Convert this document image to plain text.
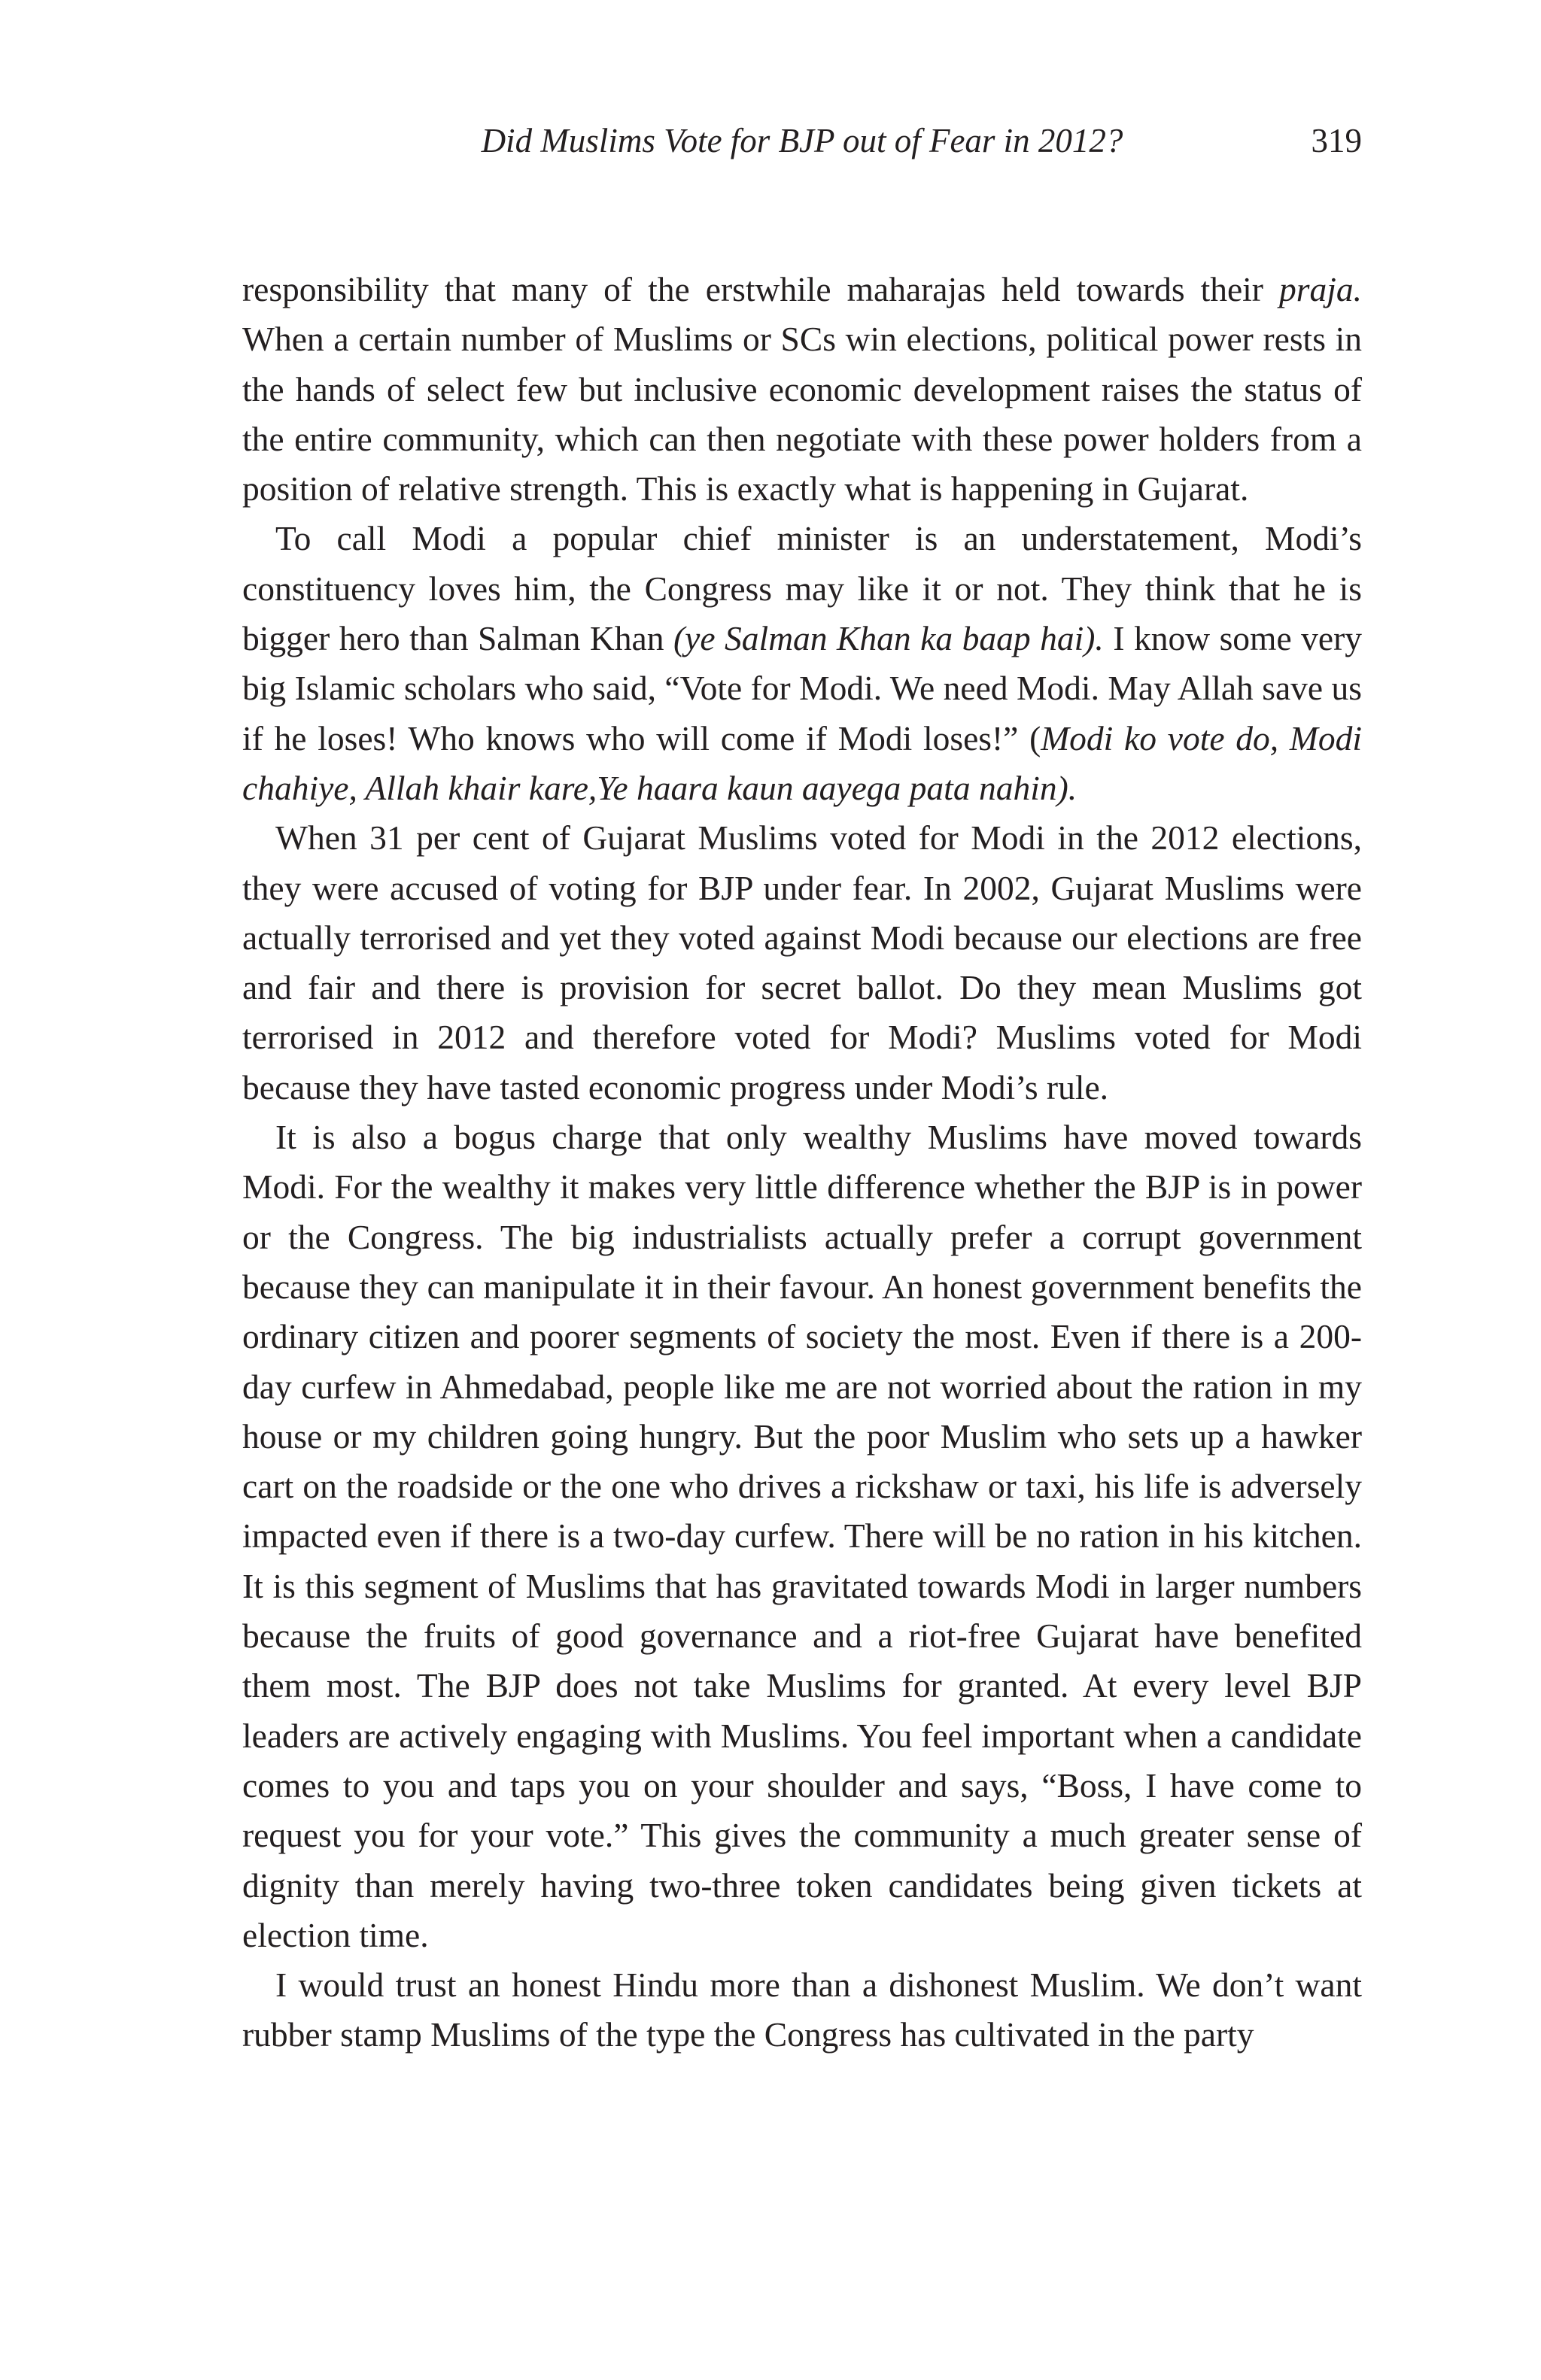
Did Muslims Vote for BJP out of Fear in 2012?	319

responsibility that many of the erstwhile maharajas held towards their praja. When a certain number of Muslims or SCs win elections, political power rests in the hands of select few but inclusive economic development raises the status of the entire community, which can then negotiate with these power holders from a position of relative strength. This is exactly what is happening in Gujarat.

To call Modi a popular chief minister is an understatement, Modi’s constituency loves him, the Congress may like it or not. They think that he is bigger hero than Salman Khan (ye Salman Khan ka baap hai). I know some very big Islamic scholars who said, “Vote for Modi. We need Modi. May Allah save us if he loses! Who knows who will come if Modi loses!” (Modi ko vote do, Modi chahiye, Allah khair kare,Ye haara kaun aayega pata nahin).

When 31 per cent of Gujarat Muslims voted for Modi in the 2012 elections, they were accused of voting for BJP under fear. In 2002, Gujarat Muslims were actually terrorised and yet they voted against Modi because our elections are free and fair and there is provision for secret ballot. Do they mean Muslims got terrorised in 2012 and therefore voted for Modi? Muslims voted for Modi because they have tasted economic progress under Modi’s rule.

It is also a bogus charge that only wealthy Muslims have moved towards Modi. For the wealthy it makes very little difference whether the BJP is in power or the Congress. The big industrialists actually prefer a corrupt government because they can manipulate it in their favour. An honest government benefits the ordinary citizen and poorer segments of society the most. Even if there is a 200-day curfew in Ahmedabad, people like me are not worried about the ration in my house or my children going hungry. But the poor Muslim who sets up a hawker cart on the roadside or the one who drives a rickshaw or taxi, his life is adversely impacted even if there is a two-day curfew. There will be no ration in his kitchen. It is this segment of Muslims that has gravitated towards Modi in larger numbers because the fruits of good governance and a riot-free Gujarat have benefited them most. The BJP does not take Muslims for granted. At every level BJP leaders are actively engaging with Muslims. You feel important when a candidate comes to you and taps you on your shoulder and says, “Boss, I have come to request you for your vote.” This gives the community a much greater sense of dignity than merely having two-three token candidates being given tickets at election time.

I would trust an honest Hindu more than a dishonest Muslim. We don’t want rubber stamp Muslims of the type the Congress has cultivated in the party
